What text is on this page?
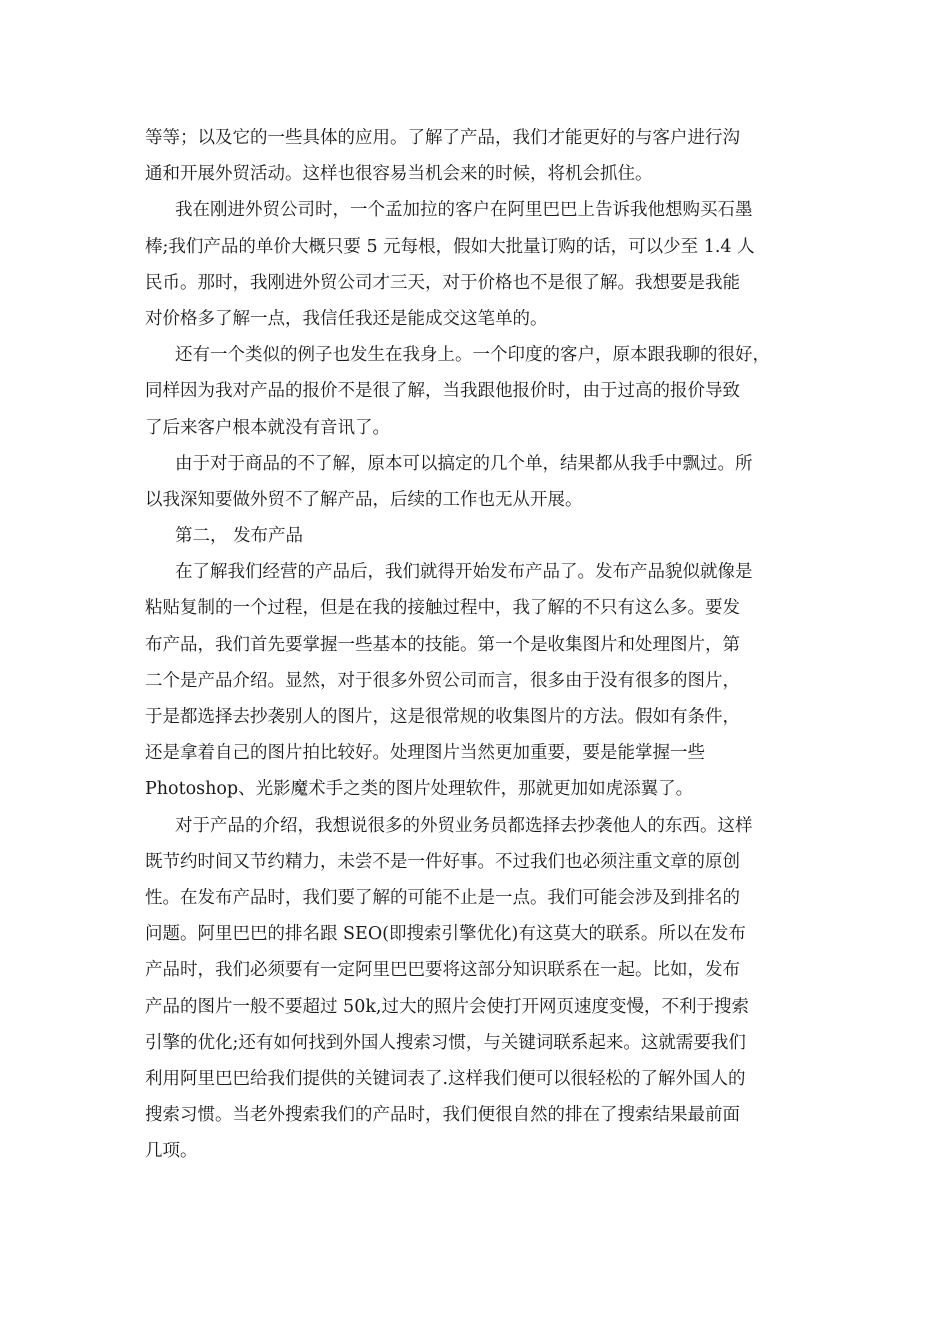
等等；以及它的一些具体的应用。了解了产品，我们才能更好的与客户进行沟
通和开展外贸活动。这样也很容易当机会来的时候，将机会抓住。
我在刚进外贸公司时，一个孟加拉的客户在阿里巴巴上告诉我他想购买石墨
棒;我们产品的单价大概只要 5 元每根，假如大批量订购的话，可以少至 1.4 人
民币。那时，我刚进外贸公司才三天，对于价格也不是很了解。我想要是我能
对价格多了解一点，我信任我还是能成交这笔单的。
还有一个类似的例子也发生在我身上。一个印度的客户，原本跟我聊的很好，
同样因为我对产品的报价不是很了解，当我跟他报价时，由于过高的报价导致
了后来客户根本就没有音讯了。
由于对于商品的不了解，原本可以搞定的几个单，结果都从我手中飘过。所
以我深知要做外贸不了解产品，后续的工作也无从开展。
第二， 发布产品
在了解我们经营的产品后，我们就得开始发布产品了。发布产品貌似就像是
粘贴复制的一个过程，但是在我的接触过程中，我了解的不只有这么多。要发
布产品，我们首先要掌握一些基本的技能。第一个是收集图片和处理图片，第
二个是产品介绍。显然，对于很多外贸公司而言，很多由于没有很多的图片，
于是都选择去抄袭别人的图片，这是很常规的收集图片的方法。假如有条件，
还是拿着自己的图片拍比较好。处理图片当然更加重要，要是能掌握一些
Photoshop、光影魔术手之类的图片处理软件，那就更加如虎添翼了。
对于产品的介绍，我想说很多的外贸业务员都选择去抄袭他人的东西。这样
既节约时间又节约精力，未尝不是一件好事。不过我们也必须注重文章的原创
性。在发布产品时，我们要了解的可能不止是一点。我们可能会涉及到排名的
问题。阿里巴巴的排名跟 SEO(即搜索引擎优化)有这莫大的联系。所以在发布
产品时，我们必须要有一定阿里巴巴要将这部分知识联系在一起。比如，发布
产品的图片一般不要超过 50k,过大的照片会使打开网页速度变慢，不利于搜索
引擎的优化;还有如何找到外国人搜索习惯，与关键词联系起来。这就需要我们
利用阿里巴巴给我们提供的关键词表了.这样我们便可以很轻松的了解外国人的
搜索习惯。当老外搜索我们的产品时，我们便很自然的排在了搜索结果最前面
几项。
